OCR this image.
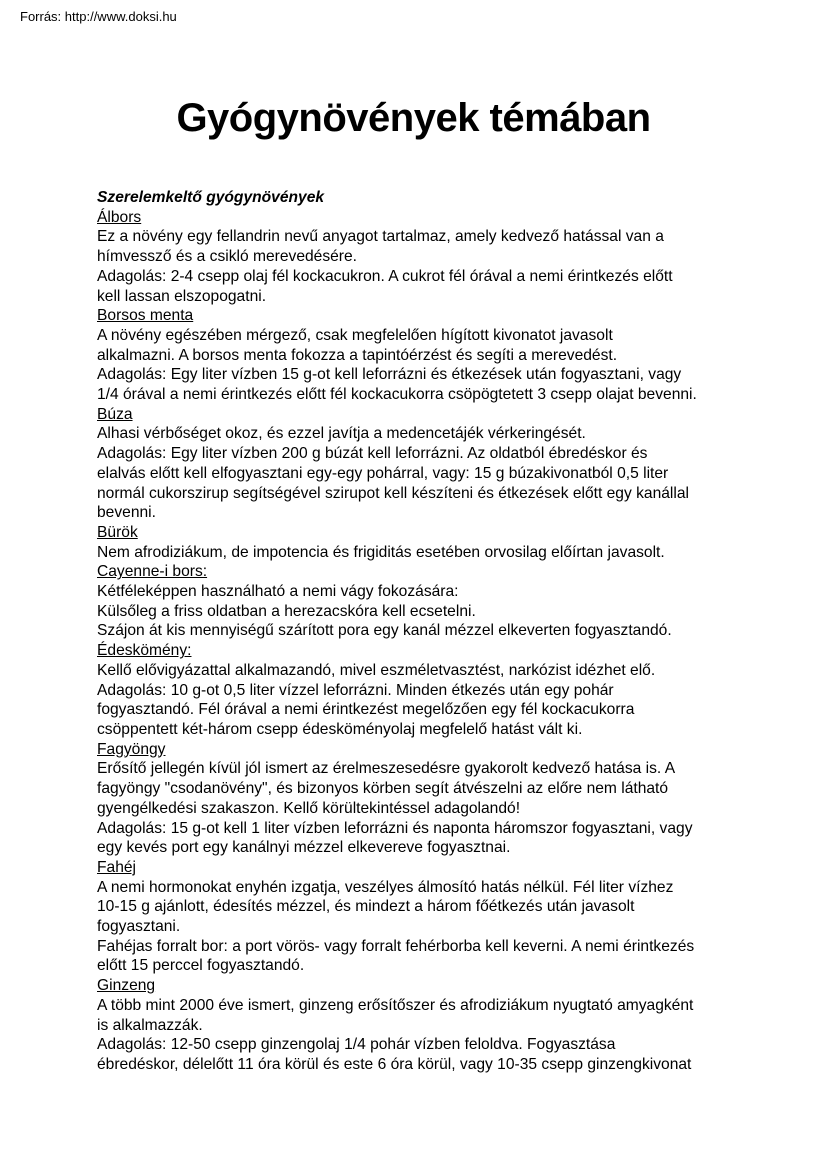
Forrás: http://www.doksi.hu
Gyógynövények témában
Szerelemkeltő gyógynövények
Álbors
Ez a növény egy fellandrin nevű anyagot tartalmaz, amely kedvező hatással van a
hímvessző és a csikló merevedésére.
Adagolás: 2-4 csepp olaj fél kockacukron. A cukrot fél órával a nemi érintkezés előtt
kell lassan elszopogatni.
Borsos menta
A növény egészében mérgező, csak megfelelően hígított kivonatot javasolt
alkalmazni. A borsos menta fokozza a tapintóérzést és segíti a merevedést.
Adagolás: Egy liter vízben 15 g-ot kell leforrázni és étkezések után fogyasztani, vagy
1/4 órával a nemi érintkezés előtt fél kockacukorra csöpögtetett 3 csepp olajat bevenni.
Búza
Alhasi vérbőséget okoz, és ezzel javítja a medencetájék vérkeringését.
Adagolás: Egy liter vízben 200 g búzát kell leforrázni. Az oldatból ébredéskor és
elalvás előtt kell elfogyasztani egy-egy pohárral, vagy: 15 g búzakivonatból 0,5 liter
normál cukorszirup segítségével szirupot kell készíteni és étkezések előtt egy kanállal
bevenni.
Bürök
Nem afrodiziákum, de impotencia és frigiditás esetében orvosilag előírtan javasolt.
Cayenne-i bors:
Kétféleképpen használható a nemi vágy fokozására:
Külsőleg a friss oldatban a herezacskóra kell ecsetelni.
Szájon át kis mennyiségű szárított pora egy kanál mézzel elkeverten fogyasztandó.
Édeskömény:
Kellő elővigyázattal alkalmazandó, mivel eszméletvasztést, narkózist idézhet elő.
Adagolás: 10 g-ot 0,5 liter vízzel leforrázni. Minden étkezés után egy pohár
fogyasztandó. Fél órával a nemi érintkezést megelőzően egy fél kockacukorra
csöppentett két-három csepp édesköményolaj megfelelő hatást vált ki.
Fagyöngy
Erősítő jellegén kívül jól ismert az érelmeszesedésre gyakorolt kedvező hatása is. A
fagyöngy "csodanövény", és bizonyos körben segít átvészelni az előre nem látható
gyengélkedési szakaszon. Kellő körültekintéssel adagolandó!
Adagolás: 15 g-ot kell 1 liter vízben leforrázni és naponta háromszor fogyasztani, vagy
egy kevés port egy kanálnyi mézzel elkevereve fogyasztnai.
Fahéj
A nemi hormonokat enyhén izgatja, veszélyes álmosító hatás nélkül. Fél liter vízhez
10-15 g ajánlott, édesítés mézzel, és mindezt a három főétkezés után javasolt
fogyasztani.
Fahéjas forralt bor: a port vörös- vagy forralt fehérborba kell keverni. A nemi érintkezés
előtt 15 perccel fogyasztandó.
Ginzeng
A több mint 2000 éve ismert, ginzeng erősítőszer és afrodiziákum nyugtató amyagként
is alkalmazzák.
Adagolás: 12-50 csepp ginzengolaj 1/4 pohár vízben feloldva. Fogyasztása
ébredéskor, délelőtt 11 óra körül és este 6 óra körül, vagy 10-35 csepp ginzengkivonat
